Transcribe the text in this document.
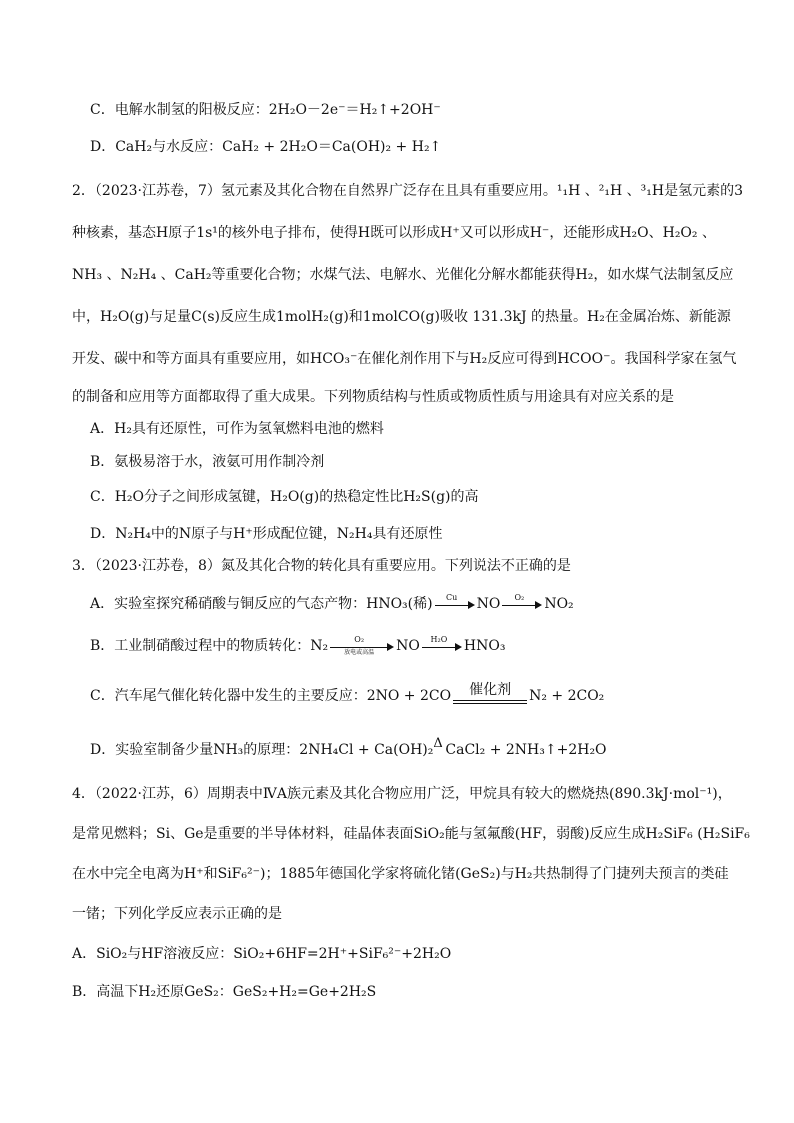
C．电解水制氢的阳极反应：2H₂O－2e⁻＝H₂↑+2OH⁻
D．CaH₂与水反应：CaH₂ + 2H₂O＝Ca(OH)₂ + H₂↑
2．（2023·江苏卷，7）氢元素及其化合物在自然界广泛存在且具有重要应用。¹₁H 、²₁H 、³₁H是氢元素的3
种核素，基态H原子1s¹的核外电子排布，使得H既可以形成H⁺又可以形成H⁻，还能形成H₂O、H₂O₂ 、
NH₃ 、N₂H₄ 、CaH₂等重要化合物；水煤气法、电解水、光催化分解水都能获得H₂，如水煤气法制氢反应
中，H₂O(g)与足量C(s)反应生成1molH₂(g)和1molCO(g)吸收 131.3kJ 的热量。H₂在金属冶炼、新能源
开发、碳中和等方面具有重要应用，如HCO₃⁻在催化剂作用下与H₂反应可得到HCOO⁻。我国科学家在氢气
的制备和应用等方面都取得了重大成果。下列物质结构与性质或物质性质与用途具有对应关系的是
A．H₂具有还原性，可作为氢氧燃料电池的燃料
B．氨极易溶于水，液氨可用作制冷剂
C．H₂O分子之间形成氢键，H₂O(g)的热稳定性比H₂S(g)的高
D．N₂H₄中的N原子与H⁺形成配位键，N₂H₄具有还原性
3．（2023·江苏卷，8）氮及其化合物的转化具有重要应用。下列说法不正确的是
A．实验室探究稀硝酸与铜反应的气态产物：HNO₃(稀)	Cu	NO	O₂	NO₂
B．工业制硝酸过程中的物质转化：N₂	O₂
放电或高温	NO	H₂O	HNO₃
C．汽车尾气催化转化器中发生的主要反应：2NO + 2CO	催化剂	N₂ + 2CO₂
D．实验室制备少量NH₃的原理：2NH₄Cl + Ca(OH)₂ Δ CaCl₂ + 2NH₃↑+2H₂O
4．（2022·江苏，6）周期表中ⅣA族元素及其化合物应用广泛，甲烷具有较大的燃烧热(890.3kJ·mol⁻¹)，
是常见燃料；Si、Ge是重要的半导体材料，硅晶体表面SiO₂能与氢氟酸(HF，弱酸)反应生成H₂SiF₆ (H₂SiF₆
在水中完全电离为H⁺和SiF₆²⁻)；1885年德国化学家将硫化锗(GeS₂)与H₂共热制得了门捷列夫预言的类硅
一锗；下列化学反应表示正确的是
A．SiO₂与HF溶液反应：SiO₂+6HF=2H⁺+SiF₆²⁻+2H₂O
B．高温下H₂还原GeS₂：GeS₂+H₂=Ge+2H₂S
